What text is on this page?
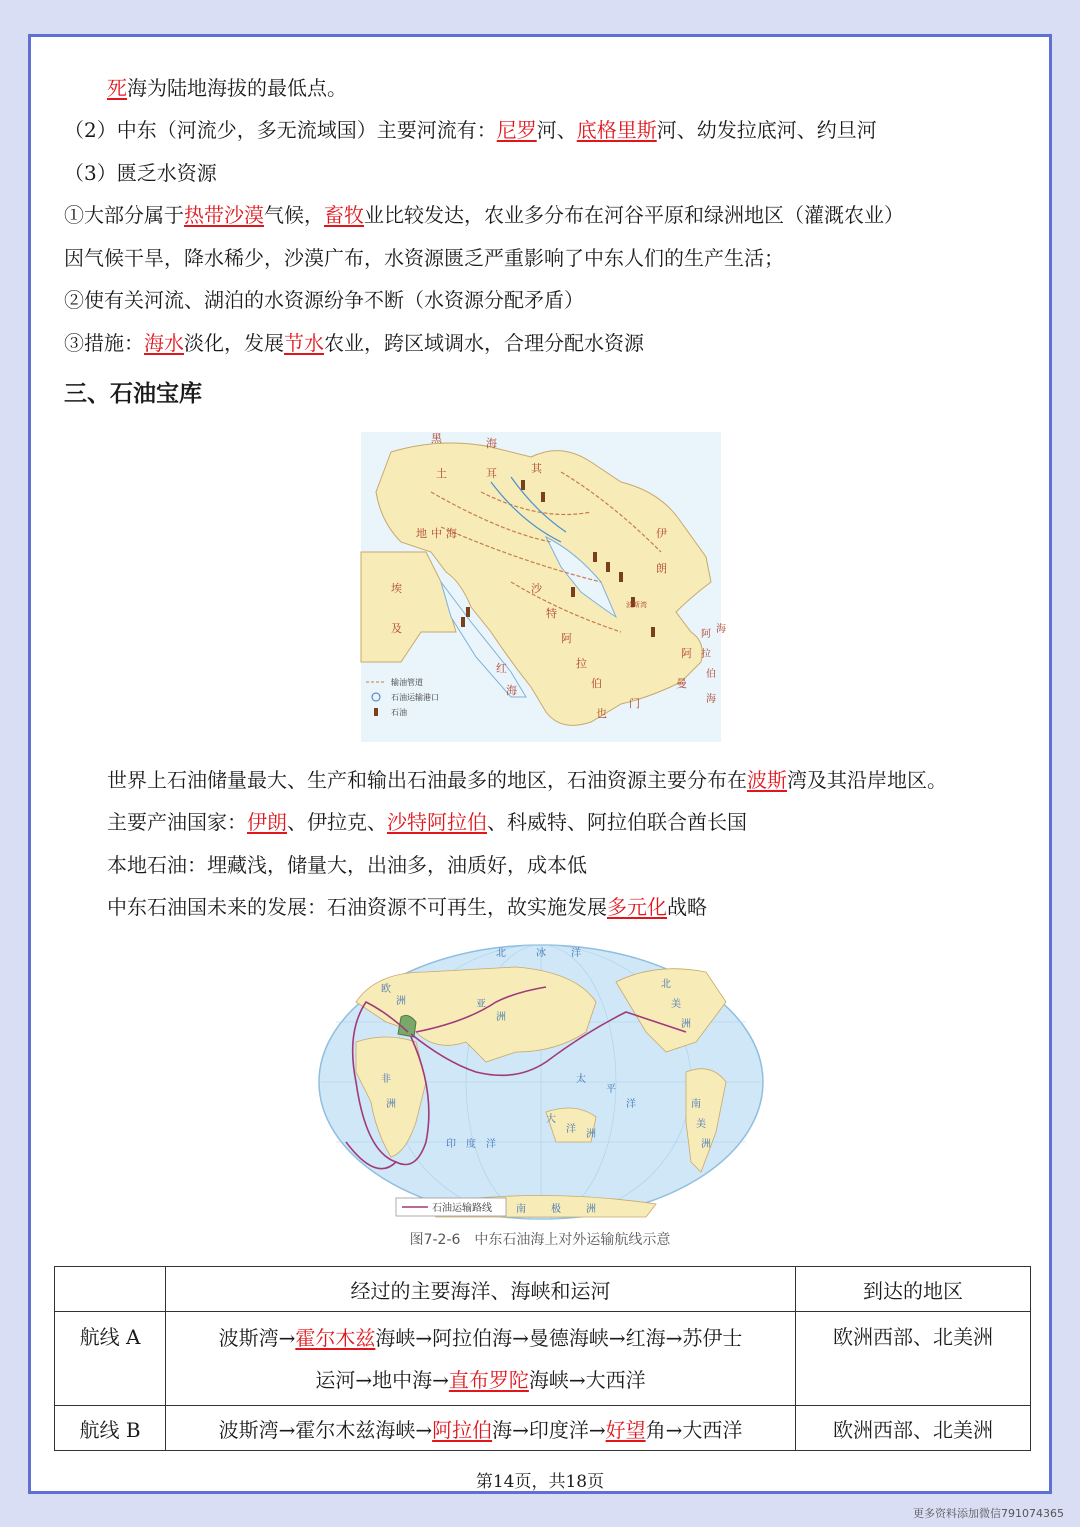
死海为陆地海拔的最低点。
（2）中东（河流少，多无流域国）主要河流有：尼罗河、底格里斯河、幼发拉底河、约旦河
（3）匮乏水资源
①大部分属于热带沙漠气候，畜牧业比较发达，农业多分布在河谷平原和绿洲地区（灌溉农业）
因气候干旱，降水稀少，沙漠广布，水资源匮乏严重影响了中东人们的生产生活；
②使有关河流、湖泊的水资源纷争不断（水资源分配矛盾）
③措施：海水淡化，发展节水农业，跨区域调水，合理分配水资源
三、石油宝库
黑	海
土	耳	其
伊
朗
波斯湾
地 中 海
埃
及
沙
特
阿
拉
伯
红
海
阿
曼
也
门
海
阿
拉
伯
海
输油管道
石油运输港口
石油
世界上石油储量最大、生产和输出石油最多的地区，石油资源主要分布在波斯湾及其沿岸地区。
主要产油国家：伊朗、伊拉克、沙特阿拉伯、科威特、阿拉伯联合酋长国
本地石油：埋藏浅，储量大，出油多，油质好，成本低
中东石油国未来的发展：石油资源不可再生，故实施发展多元化战略
北	冰	洋
欧
洲	亚
洲
非
洲
印 度 洋
太
平
洋
北
美
洲
南
美
洲
大
洋 洲
南	极	洲
石油运输路线
图7-2-6　中东石油海上对外运输航线示意
	经过的主要海洋、海峡和运河	到达的地区
航线 A	波斯湾→霍尔木兹海峡→阿拉伯海→曼德海峡→红海→苏伊士
运河→地中海→直布罗陀海峡→大西洋	欧洲西部、北美洲
航线 B	波斯湾→霍尔木兹海峡→阿拉伯海→印度洋→好望角→大西洋	欧洲西部、北美洲
第14页，共18页
更多资料添加微信791074365
